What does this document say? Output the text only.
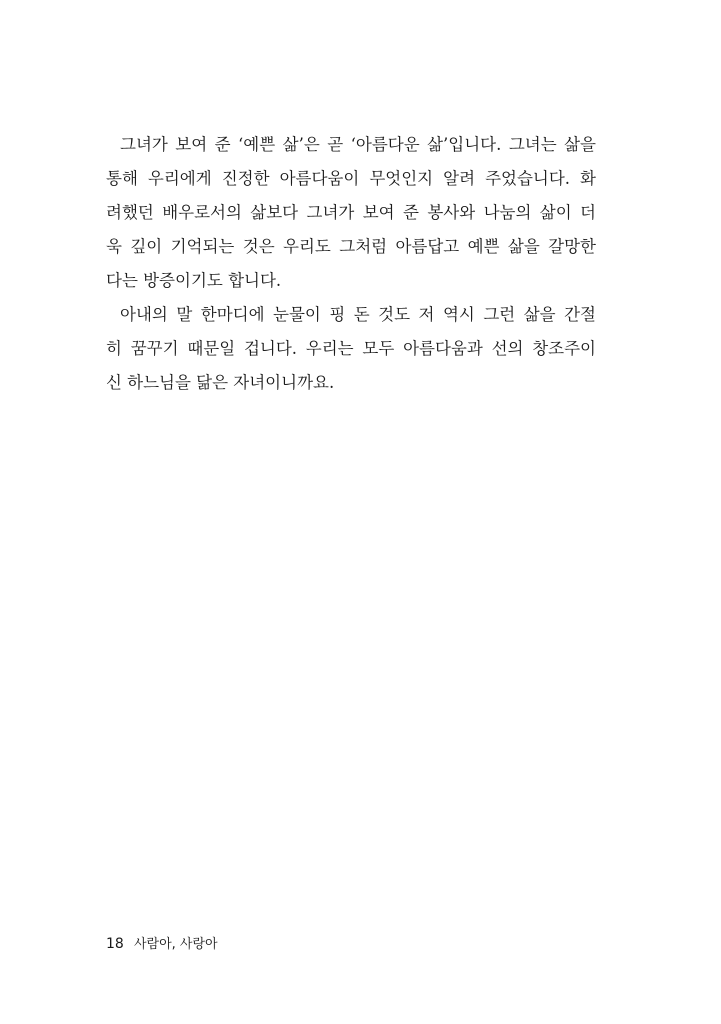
그녀가 보여 준 ‘예쁜 삶’은 곧 ‘아름다운 삶’입니다. 그녀는 삶을
통해 우리에게 진정한 아름다움이 무엇인지 알려 주었습니다. 화
려했던 배우로서의 삶보다 그녀가 보여 준 봉사와 나눔의 삶이 더
욱 깊이 기억되는 것은 우리도 그처럼 아름답고 예쁜 삶을 갈망한
다는 방증이기도 합니다.
아내의 말 한마디에 눈물이 핑 돈 것도 저 역시 그런 삶을 간절
히 꿈꾸기 때문일 겁니다. 우리는 모두 아름다움과 선의 창조주이
신 하느님을 닮은 자녀이니까요.
18 사람아, 사랑아
